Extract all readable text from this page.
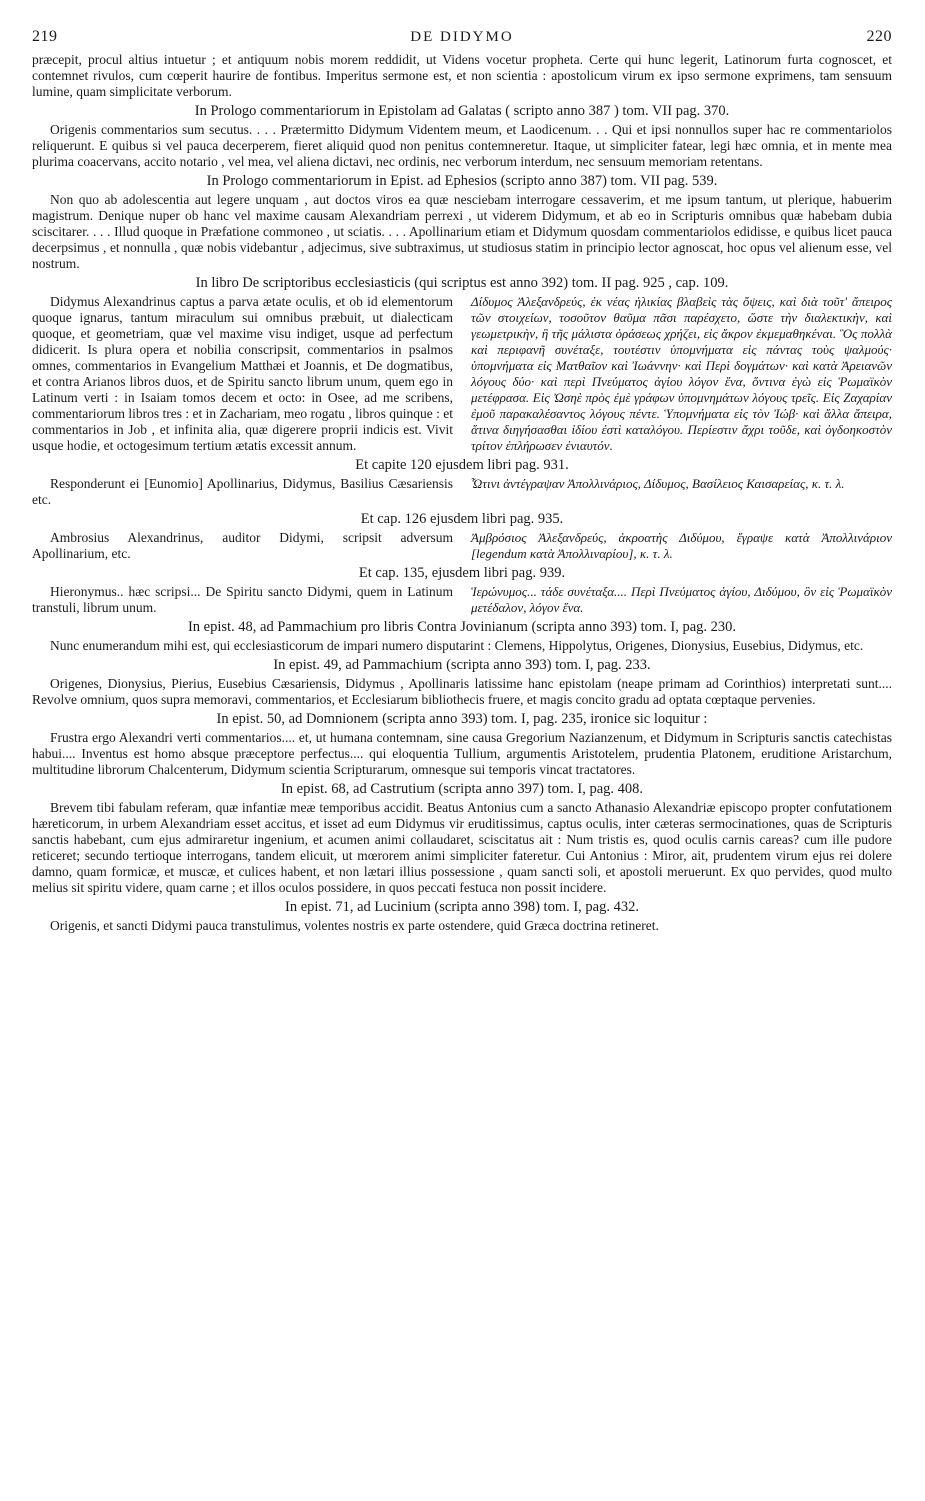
219	DE DIDYMO	220

præcepit, procul altius intuetur ; et antiquum nobis morem reddidit, ut Videns vocetur propheta. Certe qui hunc legerit, Latinorum furta cognoscet, et contemnet rivulos, cum cœperit haurire de fontibus. Imperitus sermone est, et non scientia : apostolicum virum ex ipso sermone exprimens, tam sensuum lumine, quam simplicitate verborum.

In Prologo commentariorum in Epistolam ad Galatas ( scripto anno 387 ) tom. VII pag. 370.

Origenis commentarios sum secutus. . . . Prætermitto Didymum Videntem meum, et Laodicenum. . . Qui et ipsi nonnullos super hac re commentariolos reliquerunt. E quibus si vel pauca decerperem, fieret aliquid quod non penitus contemneretur. Itaque, ut simpliciter fatear, legi hæc omnia, et in mente mea plurima coacervans, accito notario , vel mea, vel aliena dictavi, nec ordinis, nec verborum interdum, nec sensuum memoriam retentans.

In Prologo commentariorum in Epist. ad Ephesios (scripto anno 387) tom. VII pag. 539.

Non quo ab adolescentia aut legere unquam , aut doctos viros ea quæ nesciebam interrogare cessaverim, et me ipsum tantum, ut plerique, habuerim magistrum. Denique nuper ob hanc vel maxime causam Alexandriam perrexi , ut viderem Didymum, et ab eo in Scripturis omnibus quæ habebam dubia sciscitarer. . . . Illud quoque in Præfatione commoneo , ut sciatis. . . . Apollinarium etiam et Didymum quosdam commentariolos edidisse, e quibus licet pauca decerpsimus , et nonnulla , quæ nobis videbantur , adjecimus, sive subtraximus, ut studiosus statim in principio lector agnoscat, hoc opus vel alienum esse, vel nostrum.

In libro De scriptoribus ecclesiasticis (qui scriptus est anno 392) tom. II pag. 925 , cap. 109.
Didymus Alexandrinus captus a parva ætate oculis, et ob id elementorum quoque ignarus, tantum miraculum sui omnibus præbuit, ut dialecticam quoque, et geometriam, quæ vel maxime visu indiget, usque ad perfectum didicerit. Is plura opera et nobilia conscripsit, commentarios in psalmos omnes, commentarios in Evangelium Matthæi et Joannis, et De dogmatibus, et contra Arianos libros duos, et de Spiritu sancto librum unum, quem ego in Latinum verti : in Isaiam tomos decem et octo: in Osee, ad me scribens, commentariorum libros tres : et in Zachariam, meo rogatu , libros quinque : et commentarios in Job , et infinita alia, quæ digerere proprii indicis est. Vivit usque hodie, et octogesimum tertium ætatis excessit annum.
Δίδυμος Ἀλεξανδρεύς, ἐκ νέας ἡλικίας βλαβεὶς τὰς ὄψεις, καὶ διὰ τοῦτ' ἄπειρος τῶν στοιχείων, τοσοῦτον θαῦμα πᾶσι παρέσχετο, ὥστε τὴν διαλεκτικὴν, καὶ γεωμετρικὴν, ἣ τῆς μάλιστα ὁράσεως χρήζει, εἰς ἄκρον ἐκμεμαθηκέναι. Ὃς πολλὰ καὶ περιφανῆ συνέταξε, τουτέστιν ὑπομνήματα εἰς πάντας τοὺς ψαλμούς· ὑπομνήματα εἰς Ματθαῖον καὶ Ἰωάννην· καὶ Περὶ δογμάτων· καὶ κατὰ Ἀρειανῶν λόγους δύο· καὶ περὶ Πνεύματος ἁγίου λόγον ἕνα, ὅντινα ἐγὼ εἰς Ῥωμαϊκὸν μετέφρασα. Εἰς Ὠσηὲ πρὸς ἐμὲ γράφων ὑπομνημάτων λόγους τρεῖς. Εἰς Ζαχαρίαν ἐμοῦ παρακαλέσαντος λόγους πέντε. Ὑπομνήματα εἰς τὸν Ἰώβ· καὶ ἄλλα ἄπειρα, ἅτινα διηγήσασθαι ἰδίου ἐστὶ καταλόγου. Περίεστιν ἄχρι τοῦδε, καὶ ὀγδοηκοστὸν τρίτον ἐπλήρωσεν ἐνιαυτόν.
Et capite 120 ejusdem libri pag. 931.
Responderunt ei [Eunomio] Apollinarius, Didymus, Basilius Cæsariensis etc.
Ὧτινι ἀντέγραψαν Ἀπολλινάριος, Δίδυμος, Βασίλειος Καισαρείας, κ. τ. λ.
Et cap. 126 ejusdem libri pag. 935.
Ambrosius Alexandrinus, auditor Didymi, scripsit adversum Apollinarium, etc.
Ἀμβρόσιος Ἀλεξανδρεύς, ἀκροατὴς Διδύμου, ἔγραψε κατὰ Ἀπολλινάριον [legendum κατὰ Ἀπολλιναρίου], κ. τ. λ.
Et cap. 135, ejusdem libri pag. 939.
Hieronymus.. hæc scripsi... De Spiritu sancto Didymi, quem in Latinum transtuli, librum unum.
Ἱερώνυμος... τάδε συνέταξα.... Περὶ Πνεύματος ἁγίου, Διδύμου, ὃν εἰς Ῥωμαϊκὸν μετέδαλον, λόγον ἕνα.
In epist. 48, ad Pammachium pro libris Contra Jovinianum (scripta anno 393) tom. I, pag. 230.

Nunc enumerandum mihi est, qui ecclesiasticorum de impari numero disputarint : Clemens, Hippolytus, Origenes, Dionysius, Eusebius, Didymus, etc.

In epist. 49, ad Pammachium (scripta anno 393) tom. I, pag. 233.

Origenes, Dionysius, Pierius, Eusebius Cæsariensis, Didymus , Apollinaris latissime hanc epistolam (neape primam ad Corinthios) interpretati sunt.... Revolve omnium, quos supra memoravi, commentarios, et Ecclesiarum bibliothecis fruere, et magis concito gradu ad optata cœptaque pervenies.

In epist. 50, ad Domnionem (scripta anno 393) tom. I, pag. 235, ironice sic loquitur :

Frustra ergo Alexandri verti commentarios.... et, ut humana contemnam, sine causa Gregorium Nazianzenum, et Didymum in Scripturis sanctis catechistas habui.... Inventus est homo absque præceptore perfectus.... qui eloquentia Tullium, argumentis Aristotelem, prudentia Platonem, eruditione Aristarchum, multitudine librorum Chalcenterum, Didymum scientia Scripturarum, omnesque sui temporis vincat tractatores.

In epist. 68, ad Castrutium (scripta anno 397) tom. I, pag. 408.

Brevem tibi fabulam referam, quæ infantiæ meæ temporibus accidit. Beatus Antonius cum a sancto Athanasio Alexandriæ episcopo propter confutationem hæreticorum, in urbem Alexandriam esset accitus, et isset ad eum Didymus vir eruditissimus, captus oculis, inter cæteras sermocinationes, quas de Scripturis sanctis habebant, cum ejus admiraretur ingenium, et acumen animi collaudaret, sciscitatus ait : Num tristis es, quod oculis carnis careas? cum ille pudore reticeret; secundo tertioque interrogans, tandem elicuit, ut mœrorem animi simpliciter fateretur. Cui Antonius : Miror, ait, prudentem virum ejus rei dolere damno, quam formicæ, et muscæ, et culices habent, et non lætari illius possessione , quam sancti soli, et apostoli meruerunt. Ex quo pervides, quod multo melius sit spiritu videre, quam carne ; et illos oculos possidere, in quos peccati festuca non possit incidere.

In epist. 71, ad Lucinium (scripta anno 398) tom. I, pag. 432.

Origenis, et sancti Didymi pauca transtulimus, volentes nostris ex parte ostendere, quid Græca doctrina retineret.
